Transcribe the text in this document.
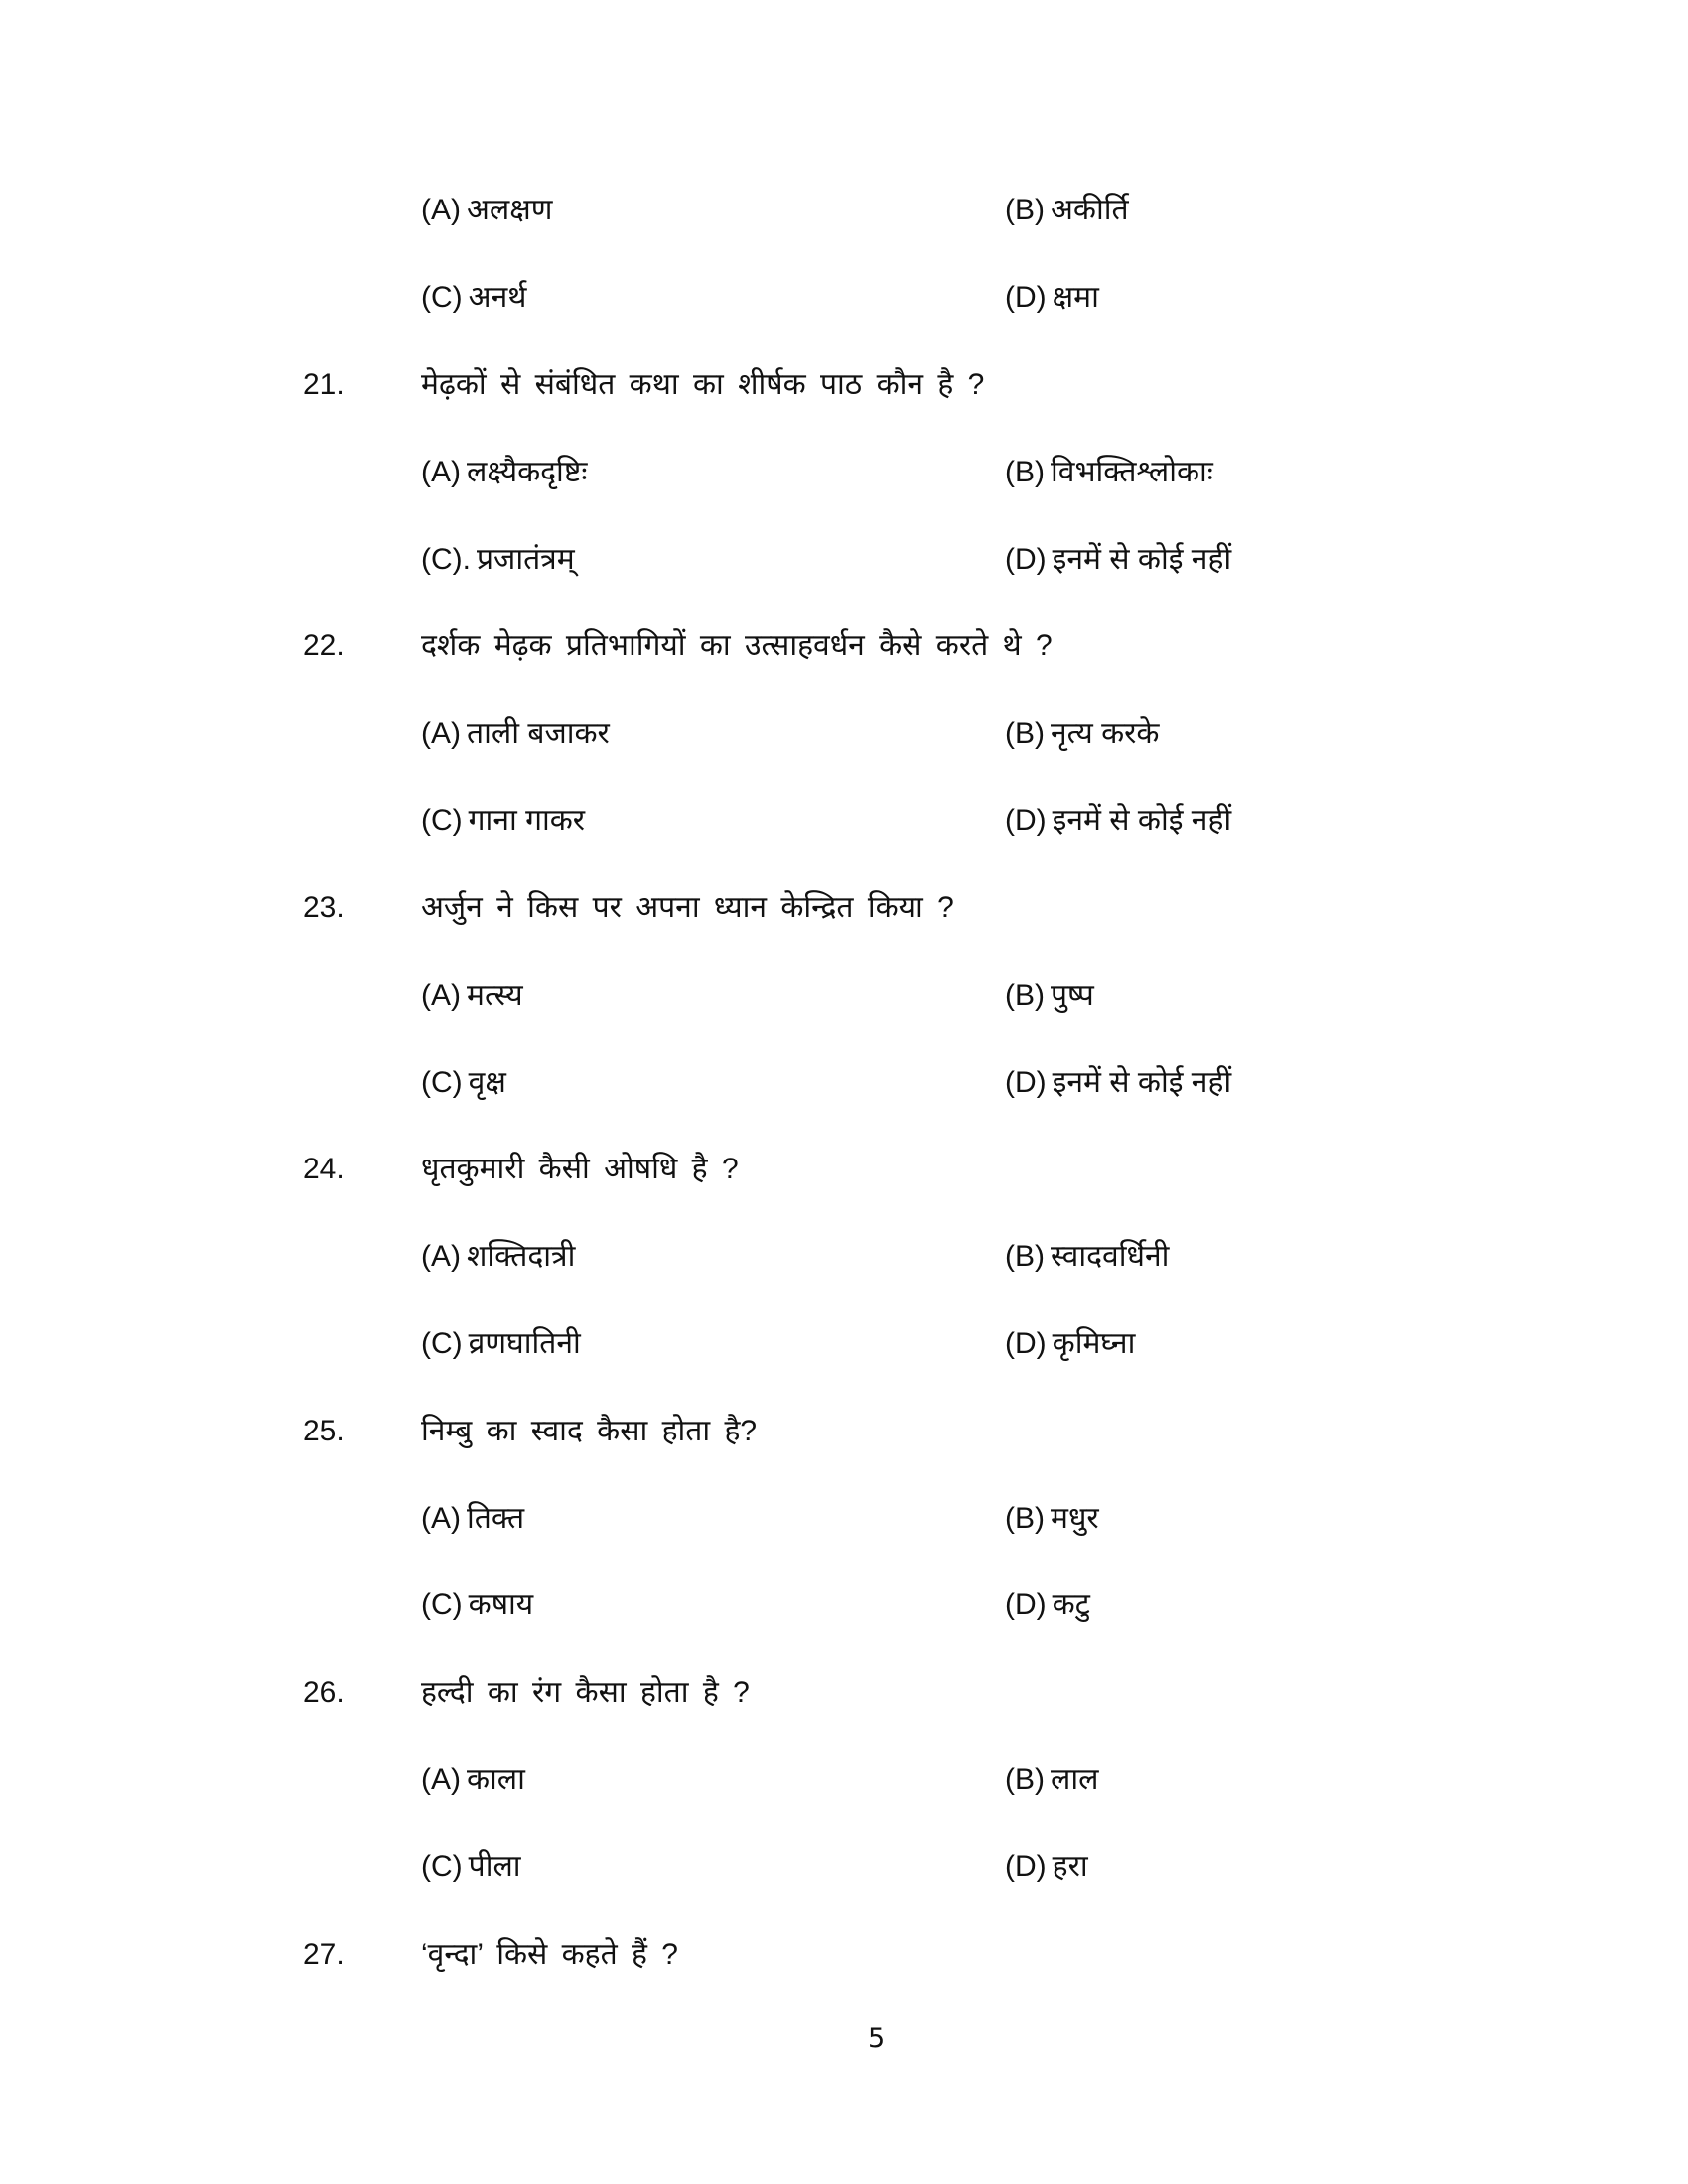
(A) अलक्षण	(B) अकीर्ति
(C) अनर्थ	(D) क्षमा
21.	मेढ़कों से संबंधित कथा का शीर्षक पाठ कौन है ?
(A) लक्ष्यैकदृष्टिः	(B) विभक्तिश्लोकाः
(C). प्रजातंत्रम्	(D) इनमें से कोई नहीं
22.	दर्शक मेढ़क प्रतिभागियों का उत्साहवर्धन कैसे करते थे ?
(A) ताली बजाकर	(B) नृत्य करके
(C) गाना गाकर	(D) इनमें से कोई नहीं
23.	अर्जुन ने किस पर अपना ध्यान केन्द्रित किया ?
(A) मत्स्य	(B) पुष्प
(C) वृक्ष	(D) इनमें से कोई नहीं
24.	धृतकुमारी कैसी ओषधि है ?
(A) शक्तिदात्री	(B) स्वादवर्धिनी
(C) व्रणघातिनी	(D) कृमिघ्ना
25.	निम्बु का स्वाद कैसा होता है?
(A) तिक्त	(B) मधुर
(C) कषाय	(D) कटु
26.	हल्दी का रंग कैसा होता है ?
(A) काला	(B) लाल
(C) पीला	(D) हरा
27.	‘वृन्दा’ किसे कहते हैं ?
5
